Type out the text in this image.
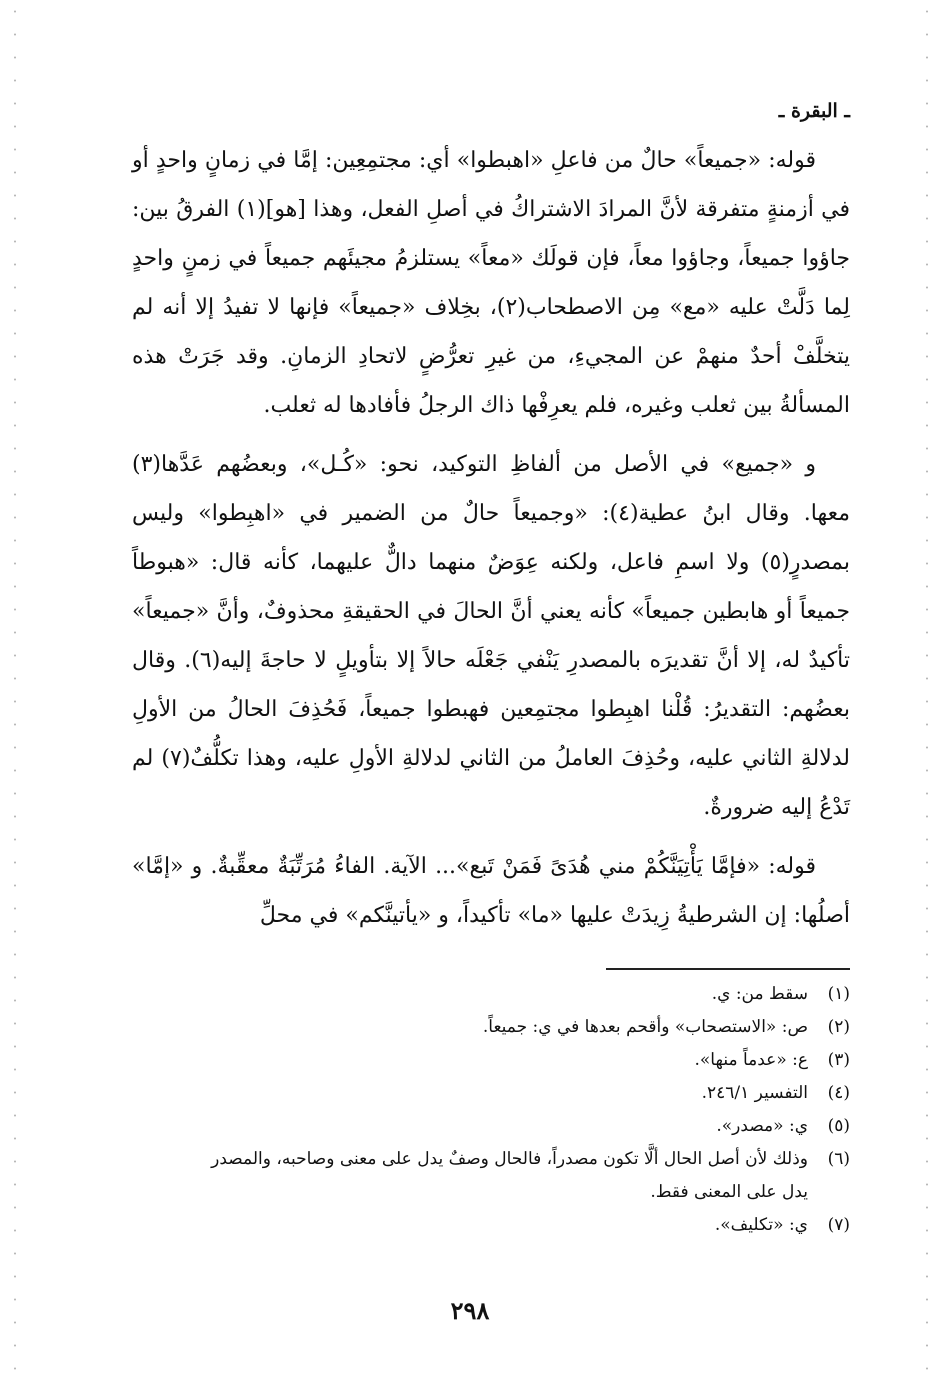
ـ البقرة ـ

قوله: «جميعاً» حالٌ من فاعلِ «اهبطوا» أي: مجتمِعِين: إمَّا في زمانٍ واحدٍ أو في أزمنةٍ متفرقة لأنَّ المرادَ الاشتراكُ في أصلِ الفعل، وهذا [هو](١) الفرقُ بين: جاؤوا جميعاً، وجاؤوا معاً، فإن قولَك «معاً» يستلزمُ مجيئَهم جميعاً في زمنٍ واحدٍ لِما دَلَّتْ عليه «مع» مِن الاصطحاب(٢)، بخِلاف «جميعاً» فإنها لا تفيدُ إلا أنه لم يتخلَّفْ أحدٌ منهمْ عن المجيءِ، من غيرِ تعرُّضٍ لاتحادِ الزمانِ. وقد جَرَتْ هذه المسألةُ بين ثعلب وغيره، فلم يعرِفْها ذاك الرجلُ فأفادها له ثعلب.

و «جميع» في الأصل من ألفاظِ التوكيد، نحو: «كُـل»، وبعضُهم عَدَّها(٣) معها. وقال ابنُ عطية(٤): «وجميعاً حالٌ من الضمير في «اهبِطوا» وليس بمصدرٍ(٥) ولا اسمِ فاعل، ولكنه عِوَضٌ منهما دالٌّ عليهما، كأنه قال: «هبوطاً جميعاً أو هابطين جميعاً» كأنه يعني أنَّ الحالَ في الحقيقةِ محذوفٌ، وأنَّ «جميعاً» تأكيدٌ له، إلا أنَّ تقديرَه بالمصدرِ يَنْفي جَعْلَه حالاً إلا بتأويلٍ لا حاجةَ إليه(٦). وقال بعضُهم: التقديرُ: قُلْنا اهبِطوا مجتمِعين فهبطوا جميعاً، فَحُذِفَ الحالُ من الأولِ لدلالةِ الثاني عليه، وحُذِفَ العاملُ من الثاني لدلالةِ الأولِ عليه، وهذا تكلُّفٌ(٧) لم تَدْعُ إليه ضرورةٌ.

قوله: «فإمَّا يَأْتِيَنَّكُمْ مني هُدَىً فَمَنْ تَبع»... الآية. الفاءُ مُرَتِّبَةٌ معقِّبةٌ. و «إمَّا» أصلُها: إن الشرطيةُ زِيدَتْ عليها «ما» تأكيداً، و «يأتينَّكم» في محلِّ

(١)
سقط من: ي.
(٢)
ص: «الاستصحاب» وأقحم بعدها في ي: جميعاً.
(٣)
ع: «عدماً منها».
(٤)
التفسير ٢٤٦/١.
(٥)
ي: «مصدر».
(٦)
وذلك لأن أصل الحال ألَّا تكون مصدراً، فالحال وصفٌ يدل على معنى وصاحبه، والمصدر
يدل على المعنى فقط.
(٧)
ي: «تكليف».
٢٩٨
